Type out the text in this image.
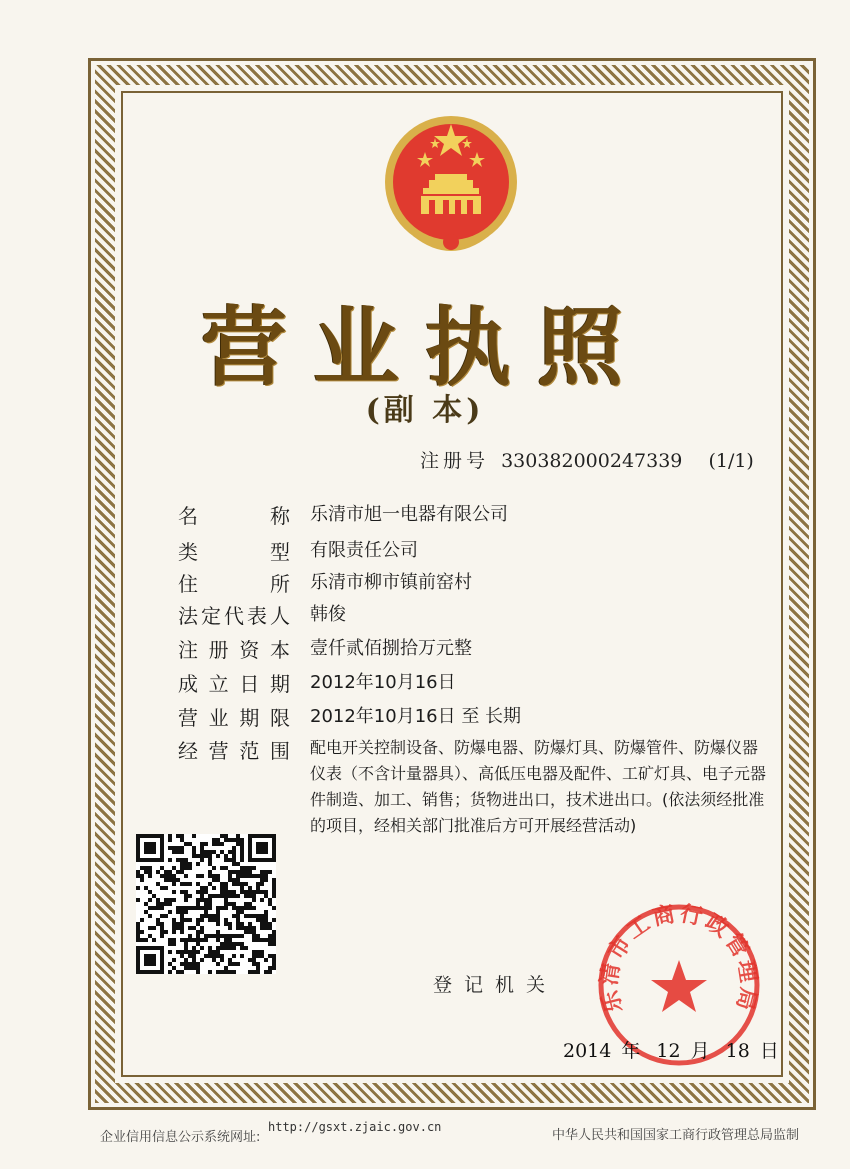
营业执照
(副 本)
注册号 330382000247339 (1/1)
名　　称 乐清市旭一电器有限公司
类　　型 有限责任公司
住　　所 乐清市柳市镇前窑村
法定代表人 韩俊
注册资本 壹仟贰佰捌拾万元整
成立日期 2012年10月16日
营业期限 2012年10月16日 至 长期
经营范围 配电开关控制设备、防爆电器、防爆灯具、防爆管件、防爆仪器仪表（不含计量器具）、高低压电器及配件、工矿灯具、电子元器件制造、加工、销售；货物进出口，技术进出口。(依法须经批准的项目，经相关部门批准后方可开展经营活动)
登记机关 乐清市工商行政管理局
2014 年 12 月 18 日
企业信用信息公示系统网址:
http://gsxt.zjaic.gov.cn
中华人民共和国国家工商行政管理总局监制
